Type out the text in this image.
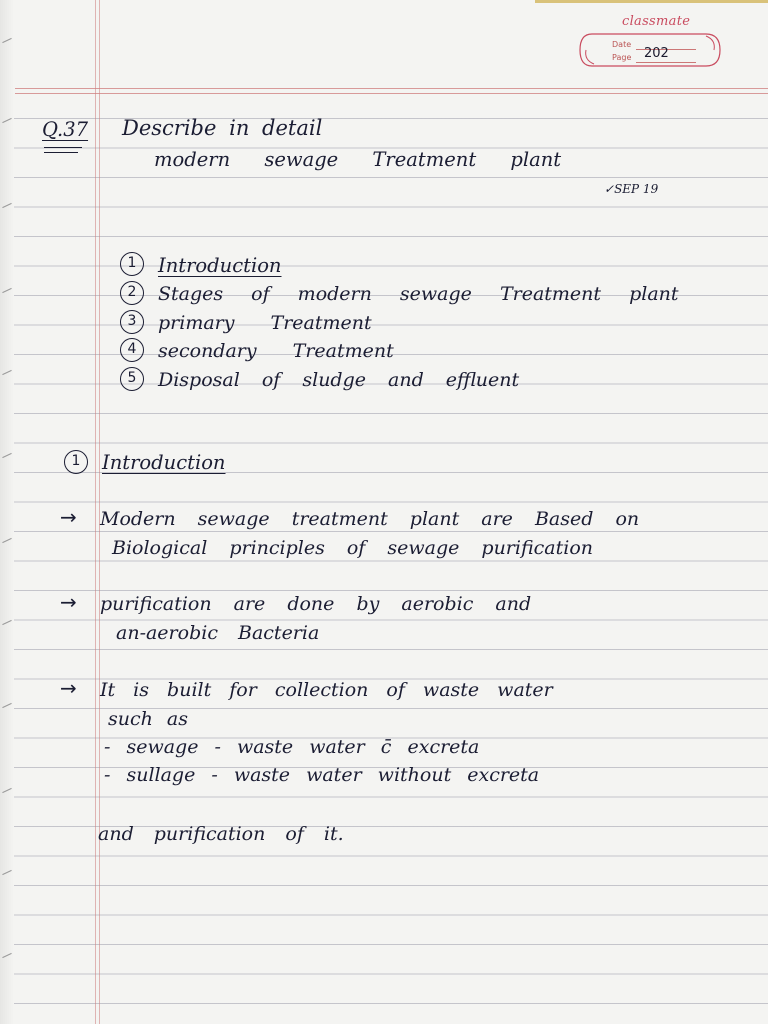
classmate
Date
Page 202
Q.37 Describe in detail
modern sewage Treatment plant
✓SEP 19
1	Introduction
2	Stages of modern sewage Treatment plant
3	primary Treatment
4	secondary Treatment
5	Disposal of sludge and effluent
1	Introduction
→ Modern sewage treatment plant are Based on
Biological principles of sewage purification
→ purification are done by aerobic and
an-aerobic Bacteria
→ It is built for collection of waste water
such as
- sewage - waste water c̄ excreta
- sullage - waste water without excreta
and purification of it.
